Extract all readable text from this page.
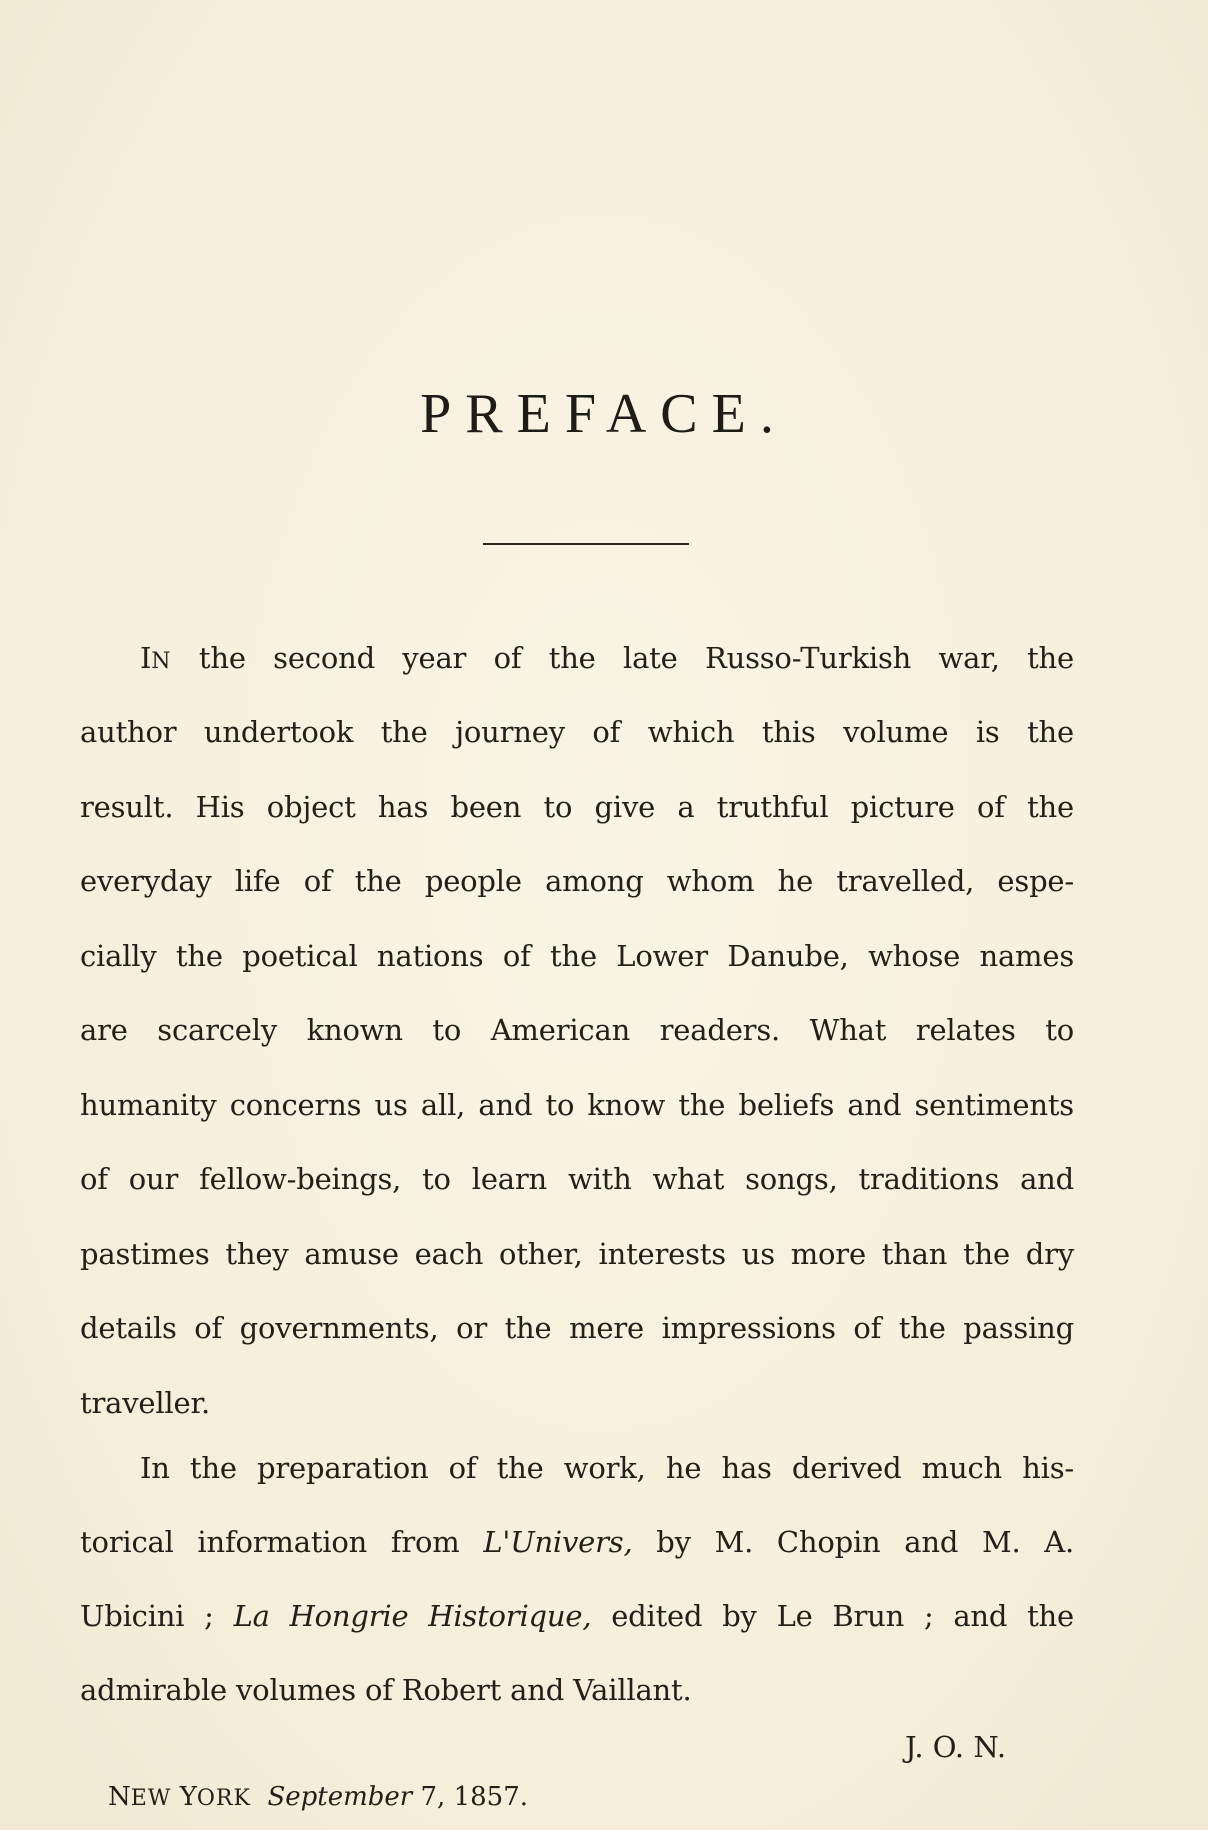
PREFACE.
IN the second year of the late Russo-Turkish war, the
author undertook the journey of which this volume is the
result. His object has been to give a truthful picture of the
everyday life of the people among whom he travelled, espe-
cially the poetical nations of the Lower Danube, whose names
are scarcely known to American readers. What relates to
humanity concerns us all, and to know the beliefs and sentiments
of our fellow-beings, to learn with what songs, traditions and
pastimes they amuse each other, interests us more than the dry
details of governments, or the mere impressions of the passing
traveller.
In the preparation of the work, he has derived much his-
torical information from L'Univers, by M. Chopin and M. A.
Ubicini ; La Hongrie Historique, edited by Le Brun ; and the
admirable volumes of Robert and Vaillant.
J. O. N.
NEW YORK September 7, 1857.
